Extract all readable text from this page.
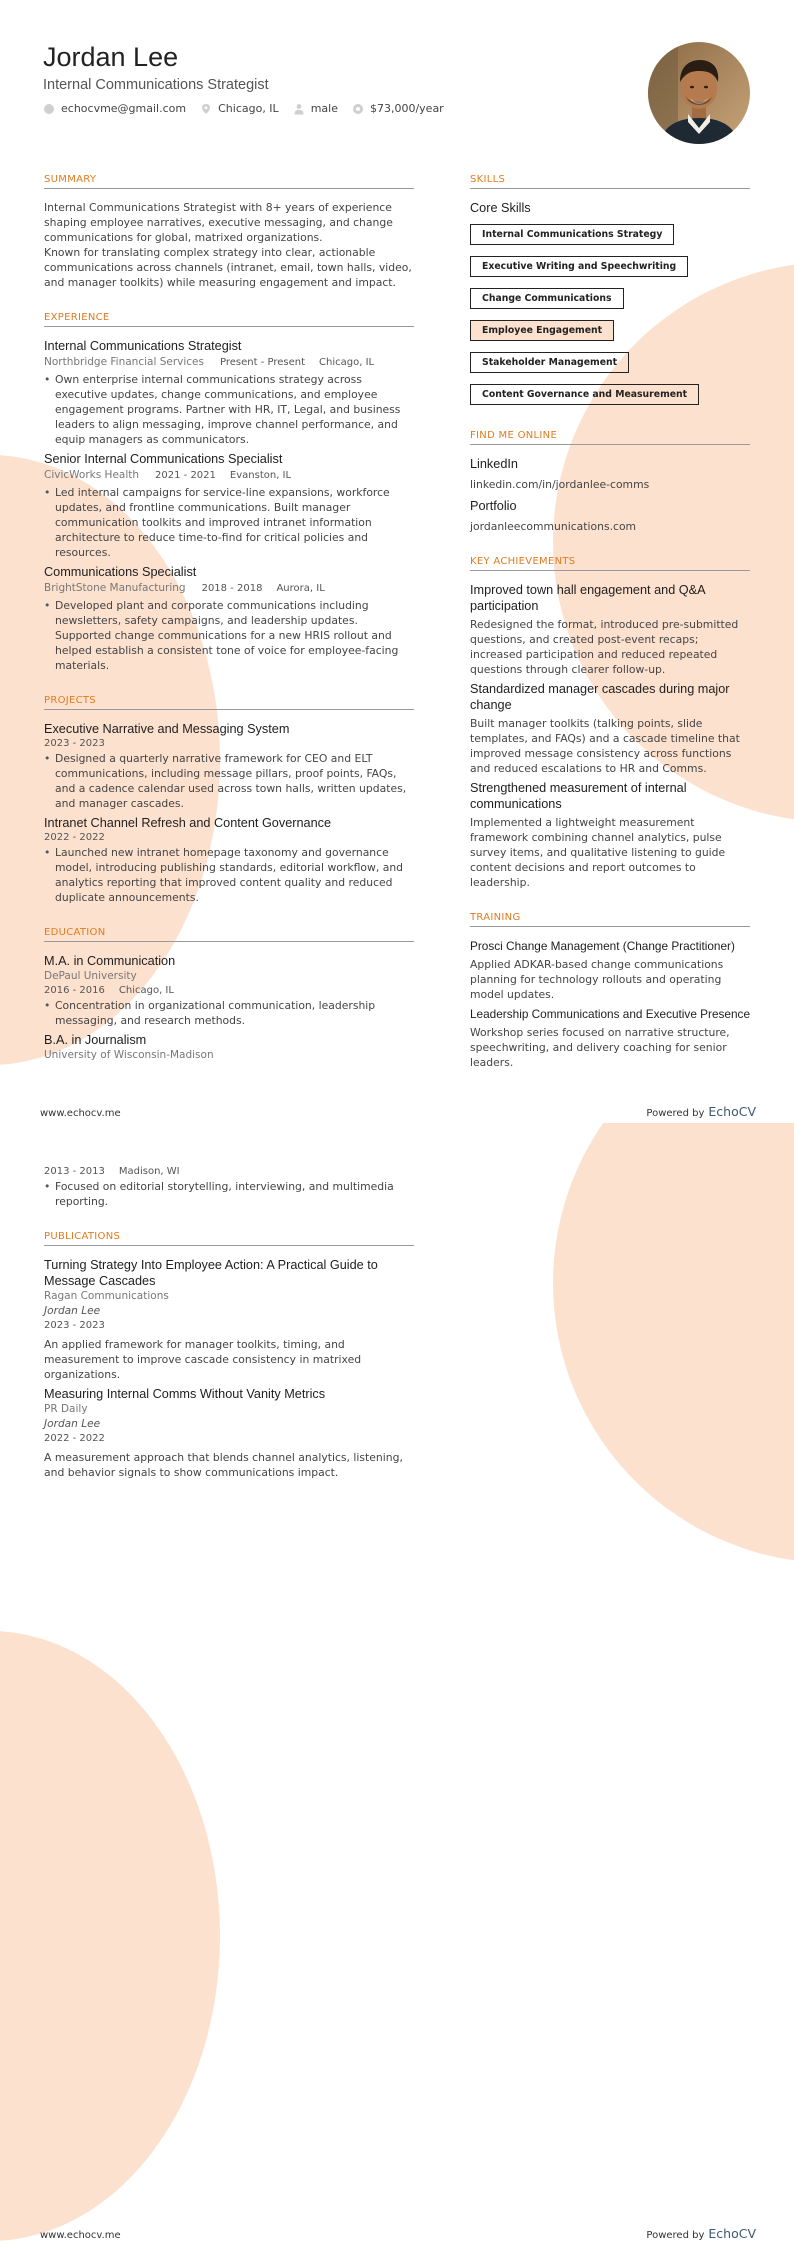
Jordan Lee
Internal Communications Strategist
echocvme@gmail.com	Chicago, IL	male	$73,000/year
SUMMARY
Internal Communications Strategist with 8+ years of experience shaping employee narratives, executive messaging, and change communications for global, matrixed organizations.
Known for translating complex strategy into clear, actionable communications across channels (intranet, email, town halls, video, and manager toolkits) while measuring engagement and impact.
EXPERIENCE
Internal Communications Strategist
Northbridge Financial Services Present - Present Chicago, IL
• Own enterprise internal communications strategy across executive updates, change communications, and employee engagement programs. Partner with HR, IT, Legal, and business leaders to align messaging, improve channel performance, and equip managers as communicators.
Senior Internal Communications Specialist
CivicWorks Health 2021 - 2021 Evanston, IL
• Led internal campaigns for service-line expansions, workforce updates, and frontline communications. Built manager communication toolkits and improved intranet information architecture to reduce time-to-find for critical policies and resources.
Communications Specialist
BrightStone Manufacturing 2018 - 2018 Aurora, IL
• Developed plant and corporate communications including newsletters, safety campaigns, and leadership updates. Supported change communications for a new HRIS rollout and helped establish a consistent tone of voice for employee-facing materials.
PROJECTS
Executive Narrative and Messaging System
2023 - 2023
• Designed a quarterly narrative framework for CEO and ELT communications, including message pillars, proof points, FAQs, and a cadence calendar used across town halls, written updates, and manager cascades.
Intranet Channel Refresh and Content Governance
2022 - 2022
• Launched new intranet homepage taxonomy and governance model, introducing publishing standards, editorial workflow, and analytics reporting that improved content quality and reduced duplicate announcements.
EDUCATION
M.A. in Communication
DePaul University
2016 - 2016 Chicago, IL
• Concentration in organizational communication, leadership messaging, and research methods.
B.A. in Journalism
University of Wisconsin-Madison
SKILLS
Core Skills
Internal Communications Strategy
Executive Writing and Speechwriting
Change CommunicationsEmployee Engagement
Stakeholder Management
Content Governance and Measurement
FIND ME ONLINE
LinkedIn
linkedin.com/in/jordanlee-comms
Portfolio
jordanleecommunications.com
KEY ACHIEVEMENTS
Improved town hall engagement and Q&A participation
Redesigned the format, introduced pre-submitted questions, and created post-event recaps; increased participation and reduced repeated questions through clearer follow-up.
Standardized manager cascades during major change
Built manager toolkits (talking points, slide templates, and FAQs) and a cascade timeline that improved message consistency across functions and reduced escalations to HR and Comms.
Strengthened measurement of internal communications
Implemented a lightweight measurement framework combining channel analytics, pulse survey items, and qualitative listening to guide content decisions and report outcomes to leadership.
TRAINING
Prosci Change Management (Change Practitioner)
Applied ADKAR-based change communications planning for technology rollouts and operating model updates.
Leadership Communications and Executive Presence
Workshop series focused on narrative structure, speechwriting, and delivery coaching for senior leaders.
www.echocv.me	Powered by EchoCV
2013 - 2013 Madison, WI
• Focused on editorial storytelling, interviewing, and multimedia reporting.
PUBLICATIONS
Turning Strategy Into Employee Action: A Practical Guide to Message Cascades
Ragan Communications
Jordan Lee
2023 - 2023
An applied framework for manager toolkits, timing, and measurement to improve cascade consistency in matrixed organizations.
Measuring Internal Comms Without Vanity Metrics
PR Daily
Jordan Lee
2022 - 2022
A measurement approach that blends channel analytics, listening, and behavior signals to show communications impact.
www.echocv.me	Powered by EchoCV
